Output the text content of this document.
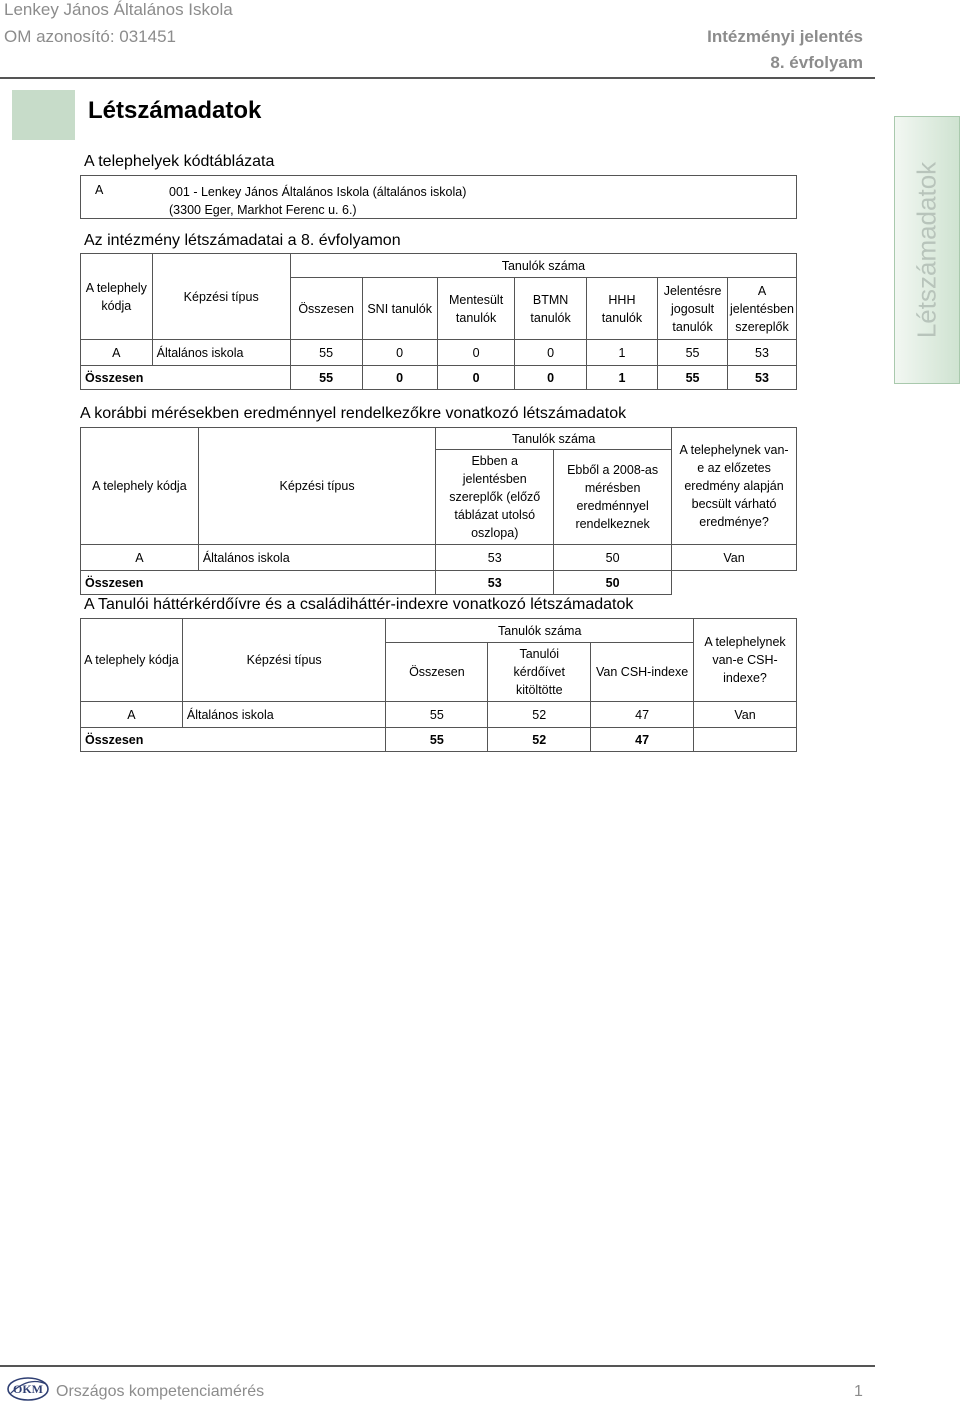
Lenkey János Általános Iskola
OM azonosító: 031451	Intézményi jelentés
8. évfolyam
Létszámadatok
Létszámadatok
A telephelyek kódtáblázata
A	001 - Lenkey János Általános Iskola (általános iskola)
(3300 Eger, Markhot Ferenc u. 6.)
Az intézmény létszámadatai a 8. évfolyamon
A telephely kódja	Képzési típus	Tanulók száma						
		Összesen	SNI tanulók	Mentesült tanulók	BTMN tanulók	HHH tanulók	Jelentésre jogosult tanulók	A jelentésben szereplők
A	Általános iskola	55	0	0	0	1	55	53
Összesen		55	0	0	0	1	55	53
A korábbi mérésekben eredménnyel rendelkezőkre vonatkozó létszámadatok
A telephely kódja	Képzési típus	Tanulók száma		A telephelynek van-e az előzetes eredmény alapján becsült várható eredménye?
		Ebben a jelentésben szereplők (előző táblázat utolsó oszlopa)	Ebből a 2008-as mérésben eredménnyel rendelkeznek	
A	Általános iskola	53	50	Van
Összesen		53	50	
A Tanulói háttérkérdőívre és a családiháttér-indexre vonatkozó létszámadatok
A telephely kódja	Képzési típus	Tanulók száma			A telephelynek van-e CSH-indexe?
		Összesen	Tanulói kérdőívet kitöltötte	Van CSH-indexe	
A	Általános iskola	55	52	47	Van
Összesen		55	52	47	
OKM Országos kompetenciamérés	1
